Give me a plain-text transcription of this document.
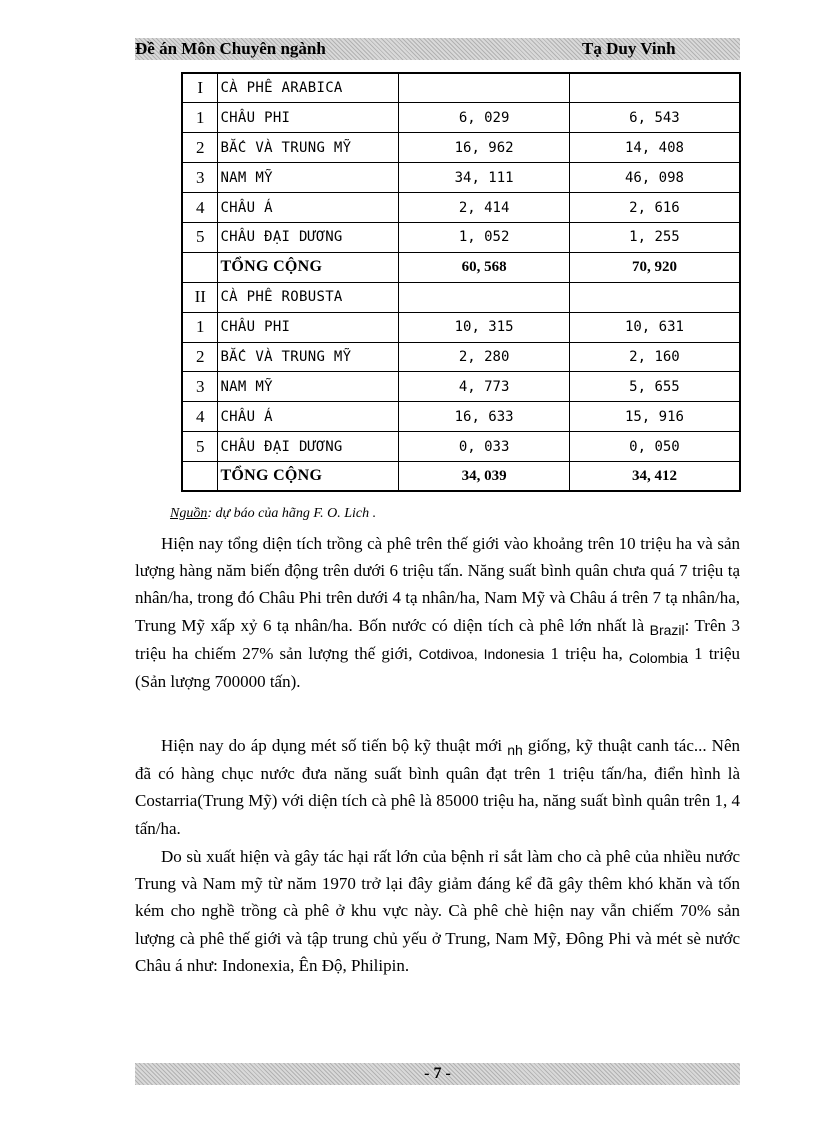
Đề án Môn Chuyên ngành	Tạ Duy Vinh
I	CÀ PHÊ ARABICA		
1	CHÂU PHI	6, 029	6, 543
2	BẮC VÀ TRUNG MỸ	16, 962	14, 408
3	NAM MỸ	34, 111	46, 098
4	CHÂU Á	2, 414	2, 616
5	CHÂU ĐẠI DƯƠNG	1, 052	1, 255
	TỔNG CỘNG	60, 568	70, 920
II	CÀ PHÊ ROBUSTA		
1	CHÂU PHI	10, 315	10, 631
2	BẮC VÀ TRUNG MỸ	2, 280	2, 160
3	NAM MỸ	4, 773	5, 655
4	CHÂU Á	16, 633	15, 916
5	CHÂU ĐẠI DƯƠNG	0, 033	0, 050
	TỔNG CỘNG	34, 039	34, 412
Nguồn: dự báo của hãng F. O. Lich .

Hiện nay tổng diện tích trồng cà phê trên thế giới vào khoảng trên 10 triệu ha và sản lượng hàng năm biến động trên dưới 6 triệu tấn. Năng suất bình quân chưa quá 7 triệu tạ nhân/ha, trong đó Châu Phi trên dưới 4 tạ nhân/ha, Nam Mỹ và Châu á trên 7 tạ nhân/ha, Trung Mỹ xấp xỷ 6 tạ nhân/ha. Bốn nước có diện tích cà phê lớn nhất là $_{Brazil}$: Trên 3 triệu ha chiếm 27% sản lượng thế giới, Cotdivoa, Indonesia 1 triệu ha, $_{Colombia}$ 1 triệu (Sản lượng 700000 tấn).

Hiện nay do áp dụng mét số tiến bộ kỹ thuật mới $_{nh}$ giống, kỹ thuật canh tác... Nên đã có hàng chục nước đưa năng suất bình quân đạt trên 1 triệu tấn/ha, điển hình là Costarria(Trung Mỹ) với diện tích cà phê là 85000 triệu ha, năng suất bình quân trên 1, 4 tấn/ha.

Do sù xuất hiện và gây tác hại rất lớn của bệnh rỉ sắt làm cho cà phê của nhiều nước Trung và Nam mỹ từ năm 1970 trở lại đây giảm đáng kể đã gây thêm khó khăn và tốn kém cho nghề trồng cà phê ở khu vực này. Cà phê chè hiện nay vẫn chiếm 70% sản lượng cà phê thế giới và tập trung chủ yếu ở Trung, Nam Mỹ, Đông Phi và mét sè nước Châu á như: Indonexia, Ên Độ, Philipin.

- 7 -
